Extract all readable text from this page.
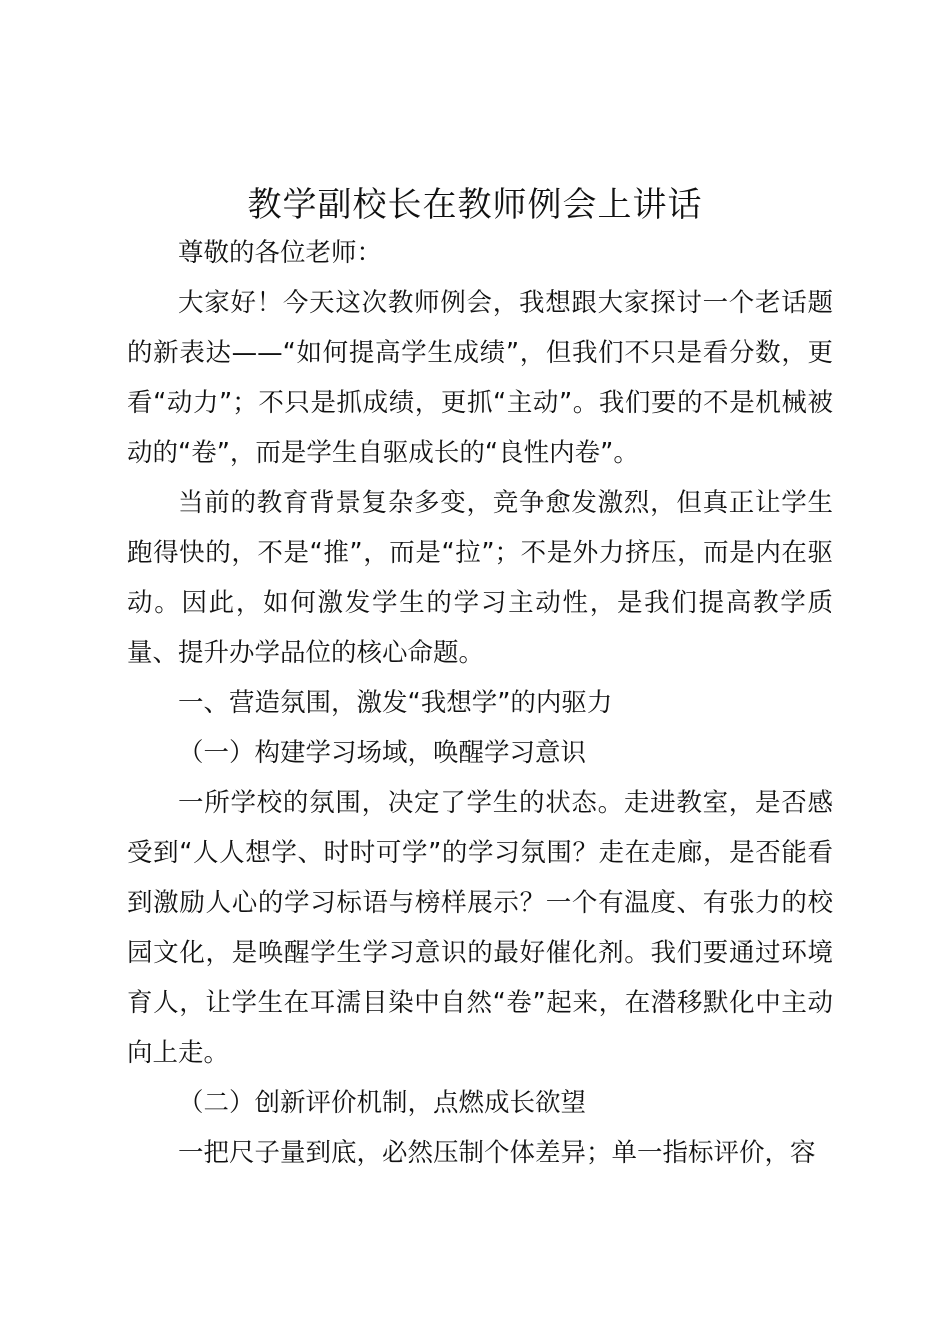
教学副校长在教师例会上讲话

尊敬的各位老师：

大家好！今天这次教师例会，我想跟大家探讨一个老话题的新表达——“如何提高学生成绩”，但我们不只是看分数，更看“动力”；不只是抓成绩，更抓“主动”。我们要的不是机械被动的“卷”，而是学生自驱成长的“良性内卷”。

当前的教育背景复杂多变，竞争愈发激烈，但真正让学生跑得快的，不是“推”，而是“拉”；不是外力挤压，而是内在驱动。因此，如何激发学生的学习主动性，是我们提高教学质量、提升办学品位的核心命题。

一、营造氛围，激发“我想学”的内驱力

（一）构建学习场域，唤醒学习意识

一所学校的氛围，决定了学生的状态。走进教室，是否感受到“人人想学、时时可学”的学习氛围？走在走廊，是否能看到激励人心的学习标语与榜样展示？一个有温度、有张力的校园文化，是唤醒学生学习意识的最好催化剂。我们要通过环境育人，让学生在耳濡目染中自然“卷”起来，在潜移默化中主动向上走。

（二）创新评价机制，点燃成长欲望

一把尺子量到底，必然压制个体差异；单一指标评价，容
